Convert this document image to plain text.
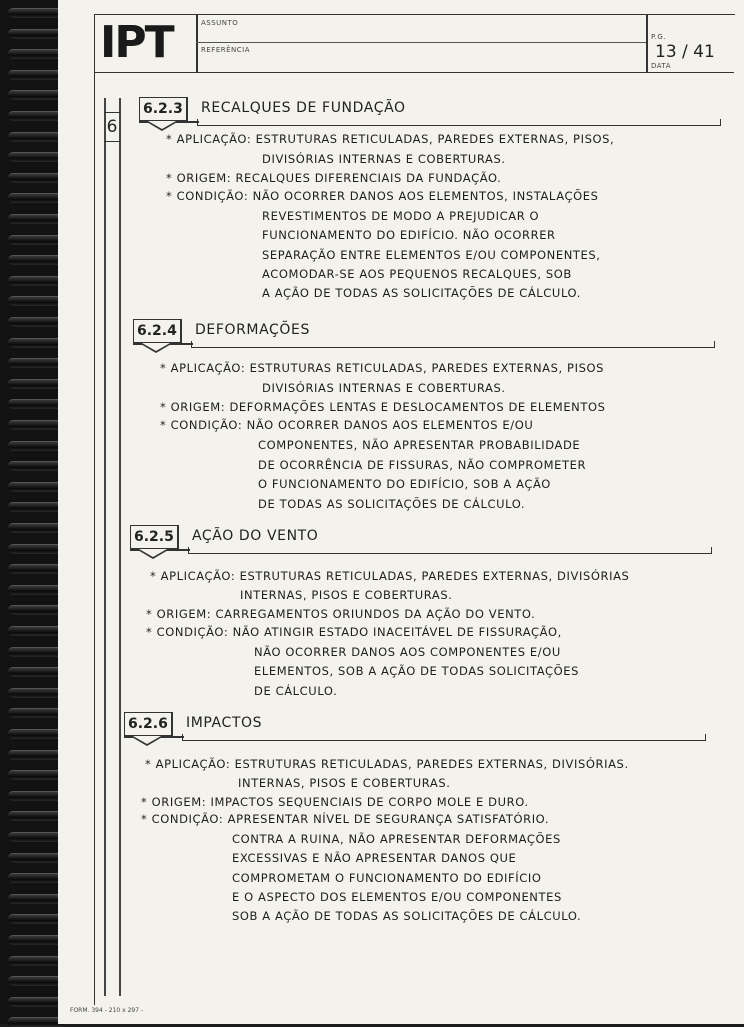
IPT	ASSUNTO
REFERÊNCIA
P.G.
DATA
13 / 41
6
6.2.3	RECALQUES DE FUNDAÇÃO
* APLICAÇÃO: ESTRUTURAS RETICULADAS, PAREDES EXTERNAS, PISOS,
DIVISÓRIAS INTERNAS E COBERTURAS.
* ORIGEM: RECALQUES DIFERENCIAIS DA FUNDAÇÃO.
* CONDIÇÃO: NÃO OCORRER DANOS AOS ELEMENTOS, INSTALAÇÕES
REVESTIMENTOS DE MODO A PREJUDICAR O
FUNCIONAMENTO DO EDIFÍCIO. NÃO OCORRER
SEPARAÇÃO ENTRE ELEMENTOS E/OU COMPONENTES,
ACOMODAR-SE AOS PEQUENOS RECALQUES, SOB
A AÇÃO DE TODAS AS SOLICITAÇÕES DE CÁLCULO.
6.2.4	DEFORMAÇÕES
* APLICAÇÃO: ESTRUTURAS RETICULADAS, PAREDES EXTERNAS, PISOS
DIVISÓRIAS INTERNAS E COBERTURAS.
* ORIGEM: DEFORMAÇÕES LENTAS E DESLOCAMENTOS DE ELEMENTOS
* CONDIÇÃO: NÃO OCORRER DANOS AOS ELEMENTOS E/OU
COMPONENTES, NÃO APRESENTAR PROBABILIDADE
DE OCORRÊNCIA DE FISSURAS, NÃO COMPROMETER
O FUNCIONAMENTO DO EDIFÍCIO, SOB A AÇÃO
DE TODAS AS SOLICITAÇÕES DE CÁLCULO.
6.2.5	AÇÃO DO VENTO
* APLICAÇÃO: ESTRUTURAS RETICULADAS, PAREDES EXTERNAS, DIVISÓRIAS
INTERNAS, PISOS E COBERTURAS.
* ORIGEM: CARREGAMENTOS ORIUNDOS DA AÇÃO DO VENTO.
* CONDIÇÃO: NÃO ATINGIR ESTADO INACEITÁVEL DE FISSURAÇÃO,
NÃO OCORRER DANOS AOS COMPONENTES E/OU
ELEMENTOS, SOB A AÇÃO DE TODAS SOLICITAÇÕES
DE CÁLCULO.
6.2.6	IMPACTOS
* APLICAÇÃO: ESTRUTURAS RETICULADAS, PAREDES EXTERNAS, DIVISÓRIAS.
INTERNAS, PISOS E COBERTURAS.
* ORIGEM: IMPACTOS SEQUENCIAIS DE CORPO MOLE E DURO.
* CONDIÇÃO: APRESENTAR NÍVEL DE SEGURANÇA SATISFATÓRIO.
CONTRA A RUINA, NÃO APRESENTAR DEFORMAÇÕES
EXCESSIVAS E NÃO APRESENTAR DANOS QUE
COMPROMETAM O FUNCIONAMENTO DO EDIFÍCIO
E O ASPECTO DOS ELEMENTOS E/OU COMPONENTES
SOB A AÇÃO DE TODAS AS SOLICITAÇÕES DE CÁLCULO.
FORM. 394 - 210 x 297 -
